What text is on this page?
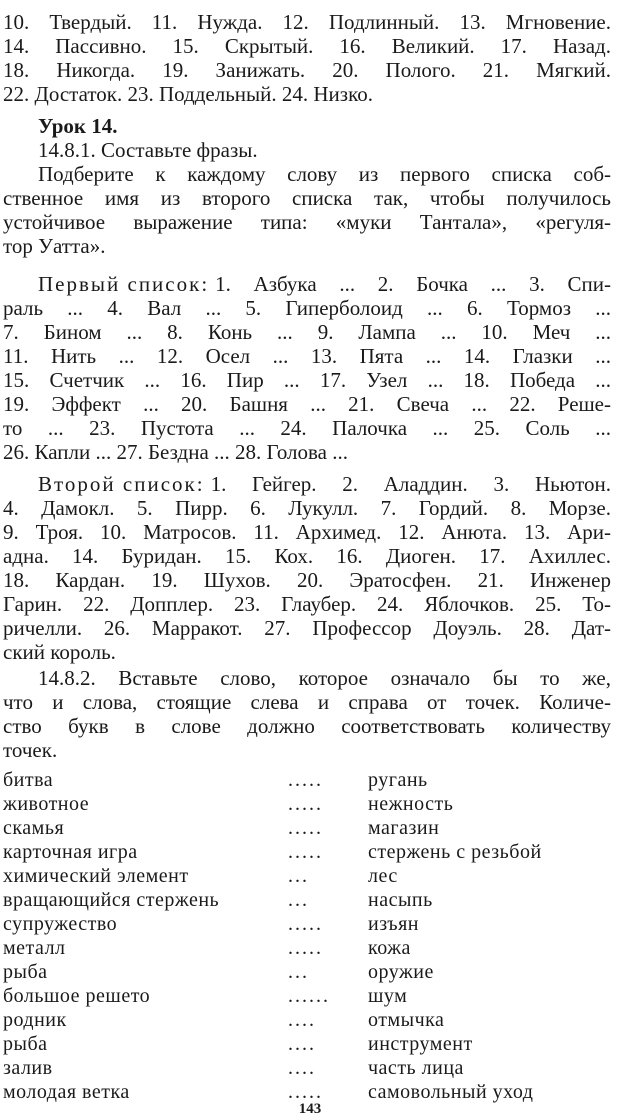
10. Твердый. 11. Нужда. 12. Подлинный. 13. Мгновение.
14. Пассивно. 15. Скрытый. 16. Великий. 17. Назад.
18. Никогда. 19. Занижать. 20. Полого. 21. Мягкий.
22. Достаток. 23. Поддельный. 24. Низко.
Урок 14.
14.8.1. Составьте фразы.
Подберите к каждому слову из первого списка соб-
ственное имя из второго списка так, чтобы получилось
устойчивое выражение типа: «муки Тантала», «регуля-
тор Уатта».
Первый список: 1. Азбука ... 2. Бочка ... 3. Спи-
раль ... 4. Вал ... 5. Гиперболоид ... 6. Тормоз ...
7. Бином ... 8. Конь ... 9. Лампа ... 10. Меч ...
11. Нить ... 12. Осел ... 13. Пята ... 14. Глазки ...
15. Счетчик ... 16. Пир ... 17. Узел ... 18. Победа ...
19. Эффект ... 20. Башня ... 21. Свеча ... 22. Реше-
то ... 23. Пустота ... 24. Палочка ... 25. Соль ...
26. Капли ... 27. Бездна ... 28. Голова ...
Второй список: 1. Гейгер. 2. Аладдин. 3. Ньютон.
4. Дамокл. 5. Пирр. 6. Лукулл. 7. Гордий. 8. Морзе.
9. Троя. 10. Матросов. 11. Архимед. 12. Анюта. 13. Ари-
адна. 14. Буридан. 15. Кох. 16. Диоген. 17. Ахиллес.
18. Кардан. 19. Шухов. 20. Эратосфен. 21. Инженер
Гарин. 22. Допплер. 23. Глаубер. 24. Яблочков. 25. То-
ричелли. 26. Марракот. 27. Профессор Доуэль. 28. Дат-
ский король.
14.8.2. Вставьте слово, которое означало бы то же,
что и слова, стоящие слева и справа от точек. Количе-
ство букв в слове должно соответствовать количеству
точек.
битва	..... ругань
животное	..... нежность
скамья	..... магазин
карточная игра	..... стержень с резьбой
химический элемент	...	лес
вращающийся стержень	...	насыпь
супружество	..... изъян
металл	..... кожа
рыба	...	оружие
большое решето	...... шум
родник	....	отмычка
рыба	....	инструмент
залив	....	часть лица
молодая ветка	..... самовольный уход
143
